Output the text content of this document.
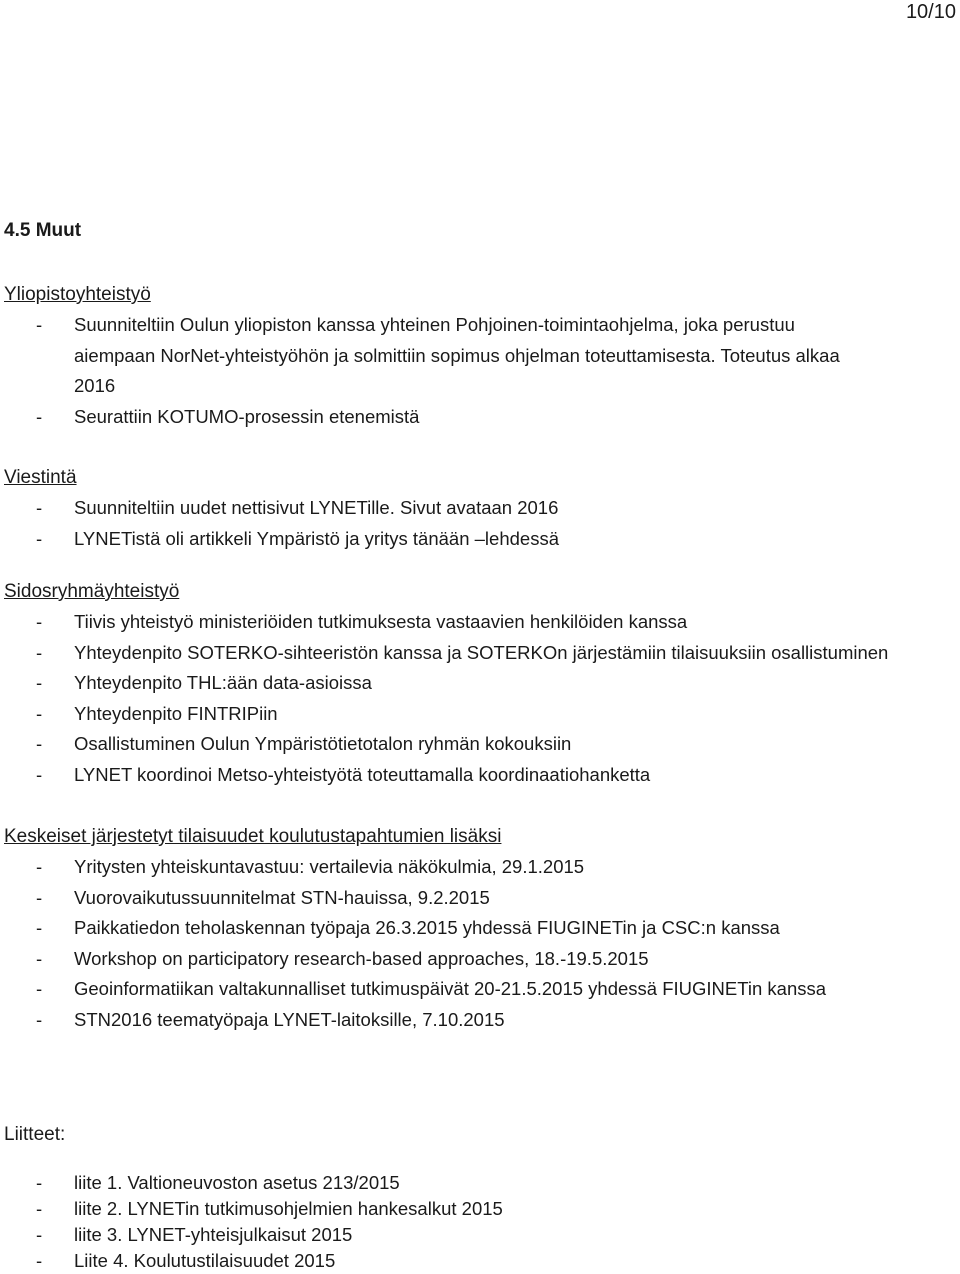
10/10
4.5 Muut
Yliopistoyhteistyö
- Suunniteltiin Oulun yliopiston kanssa yhteinen Pohjoinen-toimintaohjelma, joka perustuu
aiempaan NorNet-yhteistyöhön ja solmittiin sopimus ohjelman toteuttamisesta. Toteutus alkaa
2016
- Seurattiin KOTUMO-prosessin etenemistä
Viestintä
- Suunniteltiin uudet nettisivut LYNETille. Sivut avataan 2016
- LYNETistä oli artikkeli Ympäristö ja yritys tänään –lehdessä
Sidosryhmäyhteistyö
- Tiivis yhteistyö ministeriöiden tutkimuksesta vastaavien henkilöiden kanssa
- Yhteydenpito SOTERKO-sihteeristön kanssa ja SOTERKOn järjestämiin tilaisuuksiin osallistuminen
- Yhteydenpito THL:ään data-asioissa
- Yhteydenpito FINTRIPiin
- Osallistuminen Oulun Ympäristötietotalon ryhmän kokouksiin
- LYNET koordinoi Metso-yhteistyötä toteuttamalla koordinaatiohanketta
Keskeiset järjestetyt tilaisuudet koulutustapahtumien lisäksi
- Yritysten yhteiskuntavastuu: vertailevia näkökulmia, 29.1.2015
- Vuorovaikutussuunnitelmat STN-hauissa, 9.2.2015
- Paikkatiedon teholaskennan työpaja 26.3.2015 yhdessä FIUGINETin ja CSC:n kanssa
- Workshop on participatory research-based approaches, 18.-19.5.2015
- Geoinformatiikan valtakunnalliset tutkimuspäivät 20-21.5.2015 yhdessä FIUGINETin kanssa
- STN2016 teematyöpaja LYNET-laitoksille, 7.10.2015
Liitteet:
- liite 1. Valtioneuvoston asetus 213/2015
- liite 2. LYNETin tutkimusohjelmien hankesalkut 2015
- liite 3. LYNET-yhteisjulkaisut 2015
- Liite 4. Koulutustilaisuudet 2015
